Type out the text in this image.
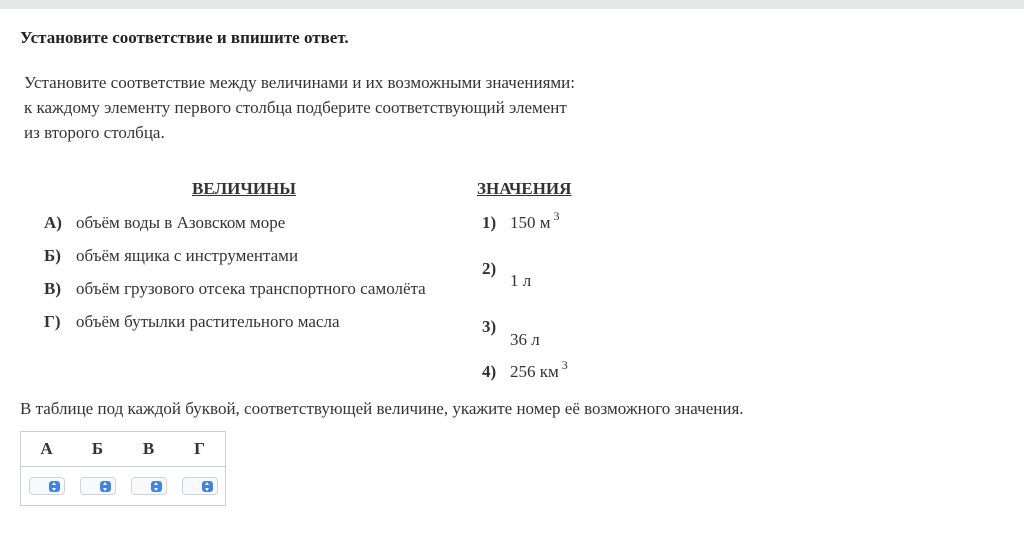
Установите соответствие и впишите ответ.
Установите соответствие между величинами и их возможными значениями:
к каждому элементу первого столбца подберите соответствующий элемент
из второго столбца.
ВЕЛИЧИНЫ	ЗНАЧЕНИЯ
А) объём воды в Азовском море
Б) объём ящика с инструментами
В) объём грузового отсека транспортного самолёта
Г) объём бутылки растительного масла
1) 150 м $^3$
2)1 л
3)36 л
4) 256 км $^3$
В таблице под каждой буквой, соответствующей величине, укажите номер её возможного значения.
А	Б	В	Г
